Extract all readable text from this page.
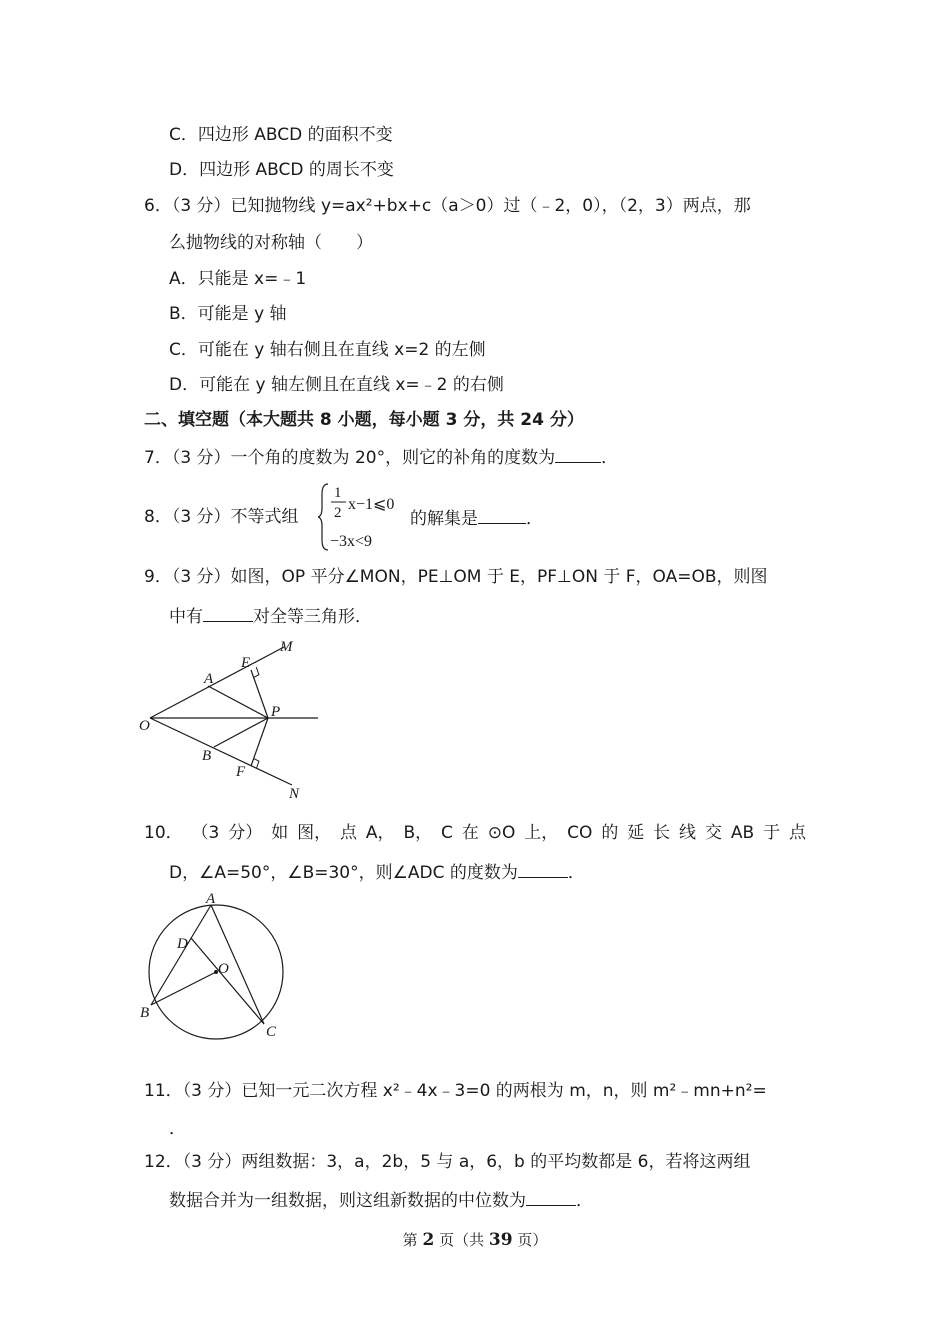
C．四边形 ABCD 的面积不变
D．四边形 ABCD 的周长不变
6．（3 分）已知抛物线 y=ax²+bx+c（a＞0）过（﹣2，0），（2，3）两点，那
么抛物线的对称轴（　　）
A．只能是 x=﹣1
B．可能是 y 轴
C．可能在 y 轴右侧且在直线 x=2 的左侧
D．可能在 y 轴左侧且在直线 x=﹣2 的右侧
二、填空题（本大题共 8 小题，每小题 3 分，共 24 分）
7．（3 分）一个角的度数为 20°，则它的补角的度数为	．
8．（3 分）不等式组
1
2 x−1⩽0
−3x<9
的解集是	．
9．（3 分）如图，OP 平分∠MON，PE⊥OM 于 E，PF⊥ON 于 F，OA=OB，则图
中有	对全等三角形．
M
E
A
O
P
B
F
N
10． （3 分） 如 图， 点 A， B， C 在 ⊙O 上， CO 的 延 长 线 交 AB 于 点
D，∠A=50°，∠B=30°，则∠ADC 的度数为	．
A
D
O
B
C
11．（3 分）已知一元二次方程 x²﹣4x﹣3=0 的两根为 m，n，则 m²﹣mn+n²=
．
12．（3 分）两组数据：3，a，2b，5 与 a，6，b 的平均数都是 6，若将这两组
数据合并为一组数据，则这组新数据的中位数为	．
第 2 页（共 39 页）
